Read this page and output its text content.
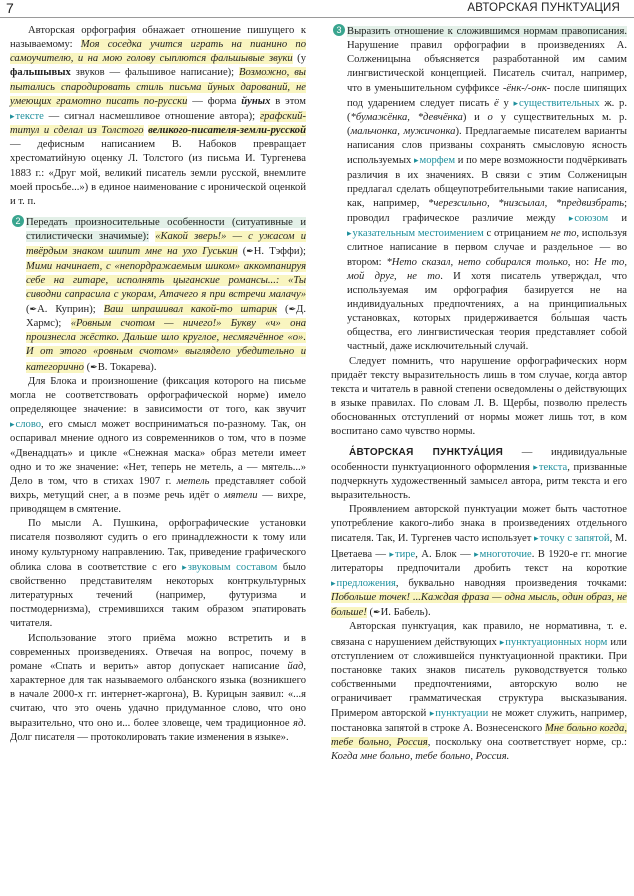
7	АВТОРСКАЯ ПУНКТУАЦИЯ

Авторская орфография обнажает отношение пишущего к называемому: Моя соседка учится играть на пианино по самоучителю, и на мою голову сыплются фальшывые звуки (у фальшывых звуков — фальшивое написание); Возможно, вы пытались спародировать стиль письма йуных дарований, не умеющих грамотно писать по-русски — форма йуных в этом ▸ тексте — сигнал насмешливое отношение автора); графский-титул и сделал из Толстого великого-писателя-земли-русской — дефисным написанием В. Набоков превращает хрестоматийную оценку Л. Толстого (из письма И. Тургенева 1883 г.: «Друг мой, великий писатель земли русской, внемлите моей просьбе...») в единое наименование с иронической оценкой и т. п.

2 Передать произносительные особенности (ситуативные и стилистически значимые): «Какой зверь!» — с ужасом и твёрдым знаком шипит мне на ухо Гуськин (✒Н. Тэффи); Мими начинает, с «непордражаемым шиком» аккомпанируя себе на гитаре, исполнять цыганские романсы...: «Ты сиводни сапрасила с укорам, Атачего я при встречи малачу» (✒А. Куприн); Ваш шпрашивал какой-то штарик (✒Д. Хармс); «Ровным счотом — ничего!» Букву «ч» она произнесла жёстко. Дальше шло круглое, несмягчённое «о». И от этого «ровным счотом» выглядело убедительно и категорично (✒В. Токарева).

Для Блока и произношение (фиксация которого на письме могла не соответствовать орфографической норме) имело определяющее значение: в зависимости от того, как звучит ▸ слово, его смысл может восприниматься по-разному. Так, он оспаривал мнение одного из современников о том, что в поэме «Двенадцать» и цикле «Снежная маска» образ метели имеет одно и то же значение: «Нет, теперь не метель, а — мятель...» Дело в том, что в стихах 1907 г. метель представляет собой вихрь, метущий снег, а в поэме речь идёт о мятели — вихре, приводящем в смятение.

По мысли А. Пушкина, орфографические установки писателя позволяют судить о его принадлежности к тому или иному культурному направлению. Так, приведение графического облика слова в соответствие с его ▸ звуковым составом было свойственно представителям некоторых контркультурных литературных течений (например, футуризма и постмодернизма), стремившихся таким образом эпатировать читателя.

Использование этого приёма можно встретить и в современных произведениях. Отвечая на вопрос, почему в романе «Спать и верить» автор допускает написание йад, характерное для так называемого олбанского языка (возникшего в начале 2000-х гг. интернет-жаргона), В. Курицын заявил: «...я считаю, что это очень удачно придуманное слово, что оно выразительно, что оно и... более зловеще, чем традиционное яд. Долг писателя — протоколировать такие изменения в языке».

3 Выразить отношение к сложившимся нормам правописания. Нарушение правил орфографии в произведениях А. Солженицына объясняется разработанной им самим лингвистической концепцией. Писатель считал, например, что в уменьшительном суффиксе -ёнк-/-онк- после шипящих под ударением следует писать ё у ▸ существительных ж. р. (*бумажёнка, *девчёнка) и о у существительных м. р. (мальчонка, мужичонка). Предлагаемые писателем варианты написания слов призваны сохранять смысловую ясность используемых ▸ морфем и по мере возможности подчёркивать различия в их значениях. В связи с этим Солженицын предлагал сделать общеупотребительными такие написания, как, например, *черезсильно, *низсылал, *предвизбрать; проводил графическое различие между ▸ союзом и ▸ указательным местоимением с отрицанием не то, используя слитное написание в первом случае и раздельное — во втором: *Нето сказал, нето собирался только, но: Не то, мой друг, не то. И хотя писатель утверждал, что используемая им орфография базируется не на индивидуальных предпочтениях, а на принципиальных установках, которых придерживается бо́льшая часть общества, его лингвистическая теория представляет собой частный, даже исключительный случай.

Следует помнить, что нарушение орфографических норм придаёт тексту выразительность лишь в том случае, когда автор текста и читатель в равной степени осведомлены о действующих в языке правилах. По словам Л. В. Щербы, позволю прелесть обоснованных отступлений от нормы может лишь тот, в ком воспитано само чувство нормы.

А́ВТОРСКАЯ ПУНКТУА́ЦИЯ — индивидуальные особенности пунктуационного оформления ▸ текста, призванные подчеркнуть художественный замысел автора, ритм текста и его выразительность.

Проявлением авторской пунктуации может быть частотное употребление какого-либо знака в произведениях отдельного писателя. Так, И. Тургенев часто использует ▸ точку с запятой, М. Цветаева — ▸ тире, А. Блок — ▸ многоточие. В 1920-е гг. многие литераторы предпочитали дробить текст на короткие ▸ предложения, буквально наводняя произведения точками: Побольше точек! ...Каждая фраза — одна мысль, один образ, не больше! (✒И. Бабель).

Авторская пунктуация, как правило, не нормативна, т. е. связана с нарушением действующих ▸ пунктуационных норм или отступлением от сложившейся пунктуационной практики. При постановке таких знаков писатель руководствуется только собственными предпочтениями, авторскую волю не ограничивает грамматическая структура высказывания. Примером авторской ▸ пунктуации не может служить, например, постановка запятой в строке А. Вознесенского Мне больно когда, тебе больно, Россия, поскольку она соответствует норме, ср.: Когда мне больно, тебе больно, Россия.
